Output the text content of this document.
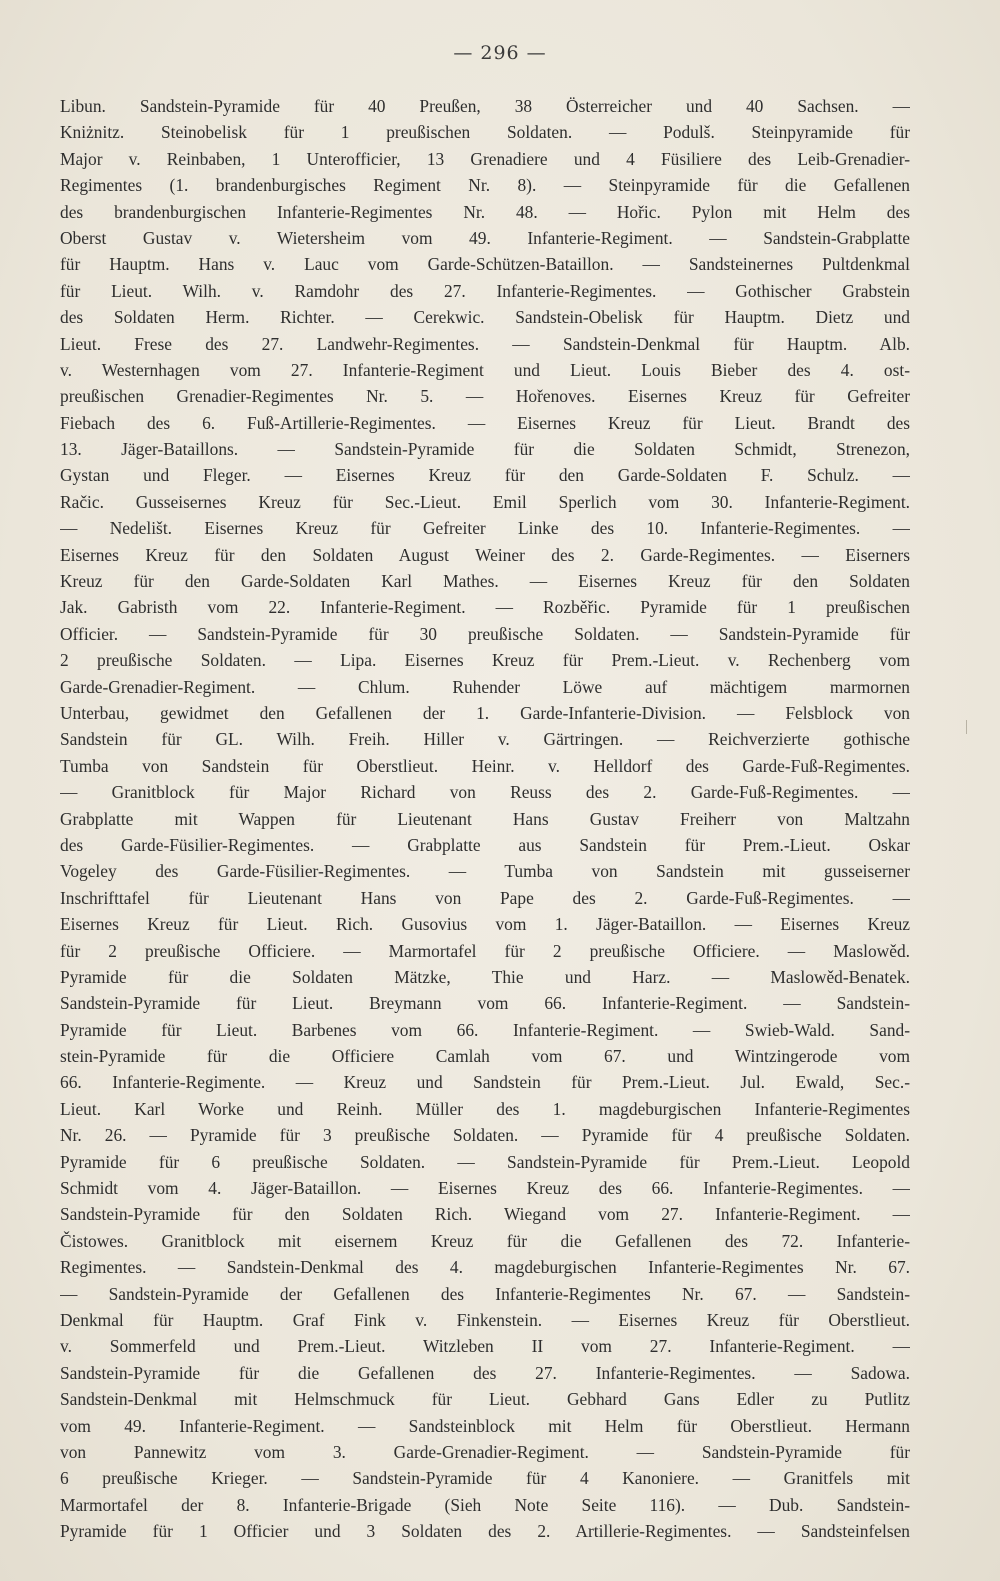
— 296 —
Libun. Sandstein-Pyramide für 40 Preußen, 38 Österreicher und 40 Sachsen. —
Kniżnitz. Steinobelisk für 1 preußischen Soldaten. — Podulš. Steinpyramide für
Major v. Reinbaben, 1 Unterofficier, 13 Grenadiere und 4 Füsiliere des Leib-Grenadier-
Regimentes (1. brandenburgisches Regiment Nr. 8). — Steinpyramide für die Gefallenen
des brandenburgischen Infanterie-Regimentes Nr. 48. — Hořic. Pylon mit Helm des
Oberst Gustav v. Wietersheim vom 49. Infanterie-Regiment. — Sandstein-Grabplatte
für Hauptm. Hans v. Lauc vom Garde-Schützen-Bataillon. — Sandsteinernes Pultdenkmal
für Lieut. Wilh. v. Ramdohr des 27. Infanterie-Regimentes. — Gothischer Grabstein
des Soldaten Herm. Richter. — Cerekwic. Sandstein-Obelisk für Hauptm. Dietz und
Lieut. Frese des 27. Landwehr-Regimentes. — Sandstein-Denkmal für Hauptm. Alb.
v. Westernhagen vom 27. Infanterie-Regiment und Lieut. Louis Bieber des 4. ost-
preußischen Grenadier-Regimentes Nr. 5. — Hořenoves. Eisernes Kreuz für Gefreiter
Fiebach des 6. Fuß-Artillerie-Regimentes. — Eisernes Kreuz für Lieut. Brandt des
13. Jäger-Bataillons. — Sandstein-Pyramide für die Soldaten Schmidt, Strenezon,
Gystan und Fleger. — Eisernes Kreuz für den Garde-Soldaten F. Schulz. —
Račic. Gusseisernes Kreuz für Sec.-Lieut. Emil Sperlich vom 30. Infanterie-Regiment.
— Nedelišt. Eisernes Kreuz für Gefreiter Linke des 10. Infanterie-Regimentes. —
Eisernes Kreuz für den Soldaten August Weiner des 2. Garde-Regimentes. — Eiserners
Kreuz für den Garde-Soldaten Karl Mathes. — Eisernes Kreuz für den Soldaten
Jak. Gabristh vom 22. Infanterie-Regiment. — Rozběřic. Pyramide für 1 preußischen
Officier. — Sandstein-Pyramide für 30 preußische Soldaten. — Sandstein-Pyramide für
2 preußische Soldaten. — Lipa. Eisernes Kreuz für Prem.-Lieut. v. Rechenberg vom
Garde-Grenadier-Regiment. — Chlum. Ruhender Löwe auf mächtigem marmornen
Unterbau, gewidmet den Gefallenen der 1. Garde-Infanterie-Division. — Felsblock von
Sandstein für GL. Wilh. Freih. Hiller v. Gärtringen. — Reichverzierte gothische
Tumba von Sandstein für Oberstlieut. Heinr. v. Helldorf des Garde-Fuß-Regimentes.
— Granitblock für Major Richard von Reuss des 2. Garde-Fuß-Regimentes. —
Grabplatte mit Wappen für Lieutenant Hans Gustav Freiherr von Maltzahn
des Garde-Füsilier-Regimentes. — Grabplatte aus Sandstein für Prem.-Lieut. Oskar
Vogeley des Garde-Füsilier-Regimentes. — Tumba von Sandstein mit gusseiserner
Inschrifttafel für Lieutenant Hans von Pape des 2. Garde-Fuß-Regimentes. —
Eisernes Kreuz für Lieut. Rich. Gusovius vom 1. Jäger-Bataillon. — Eisernes Kreuz
für 2 preußische Officiere. — Marmortafel für 2 preußische Officiere. — Maslowěd.
Pyramide für die Soldaten Mätzke, Thie und Harz. — Maslowěd-Benatek.
Sandstein-Pyramide für Lieut. Breymann vom 66. Infanterie-Regiment. — Sandstein-
Pyramide für Lieut. Barbenes vom 66. Infanterie-Regiment. — Swieb-Wald. Sand-
stein-Pyramide für die Officiere Camlah vom 67. und Wintzingerode vom
66. Infanterie-Regimente. — Kreuz und Sandstein für Prem.-Lieut. Jul. Ewald, Sec.-
Lieut. Karl Worke und Reinh. Müller des 1. magdeburgischen Infanterie-Regimentes
Nr. 26. — Pyramide für 3 preußische Soldaten. — Pyramide für 4 preußische Soldaten.
Pyramide für 6 preußische Soldaten. — Sandstein-Pyramide für Prem.-Lieut. Leopold
Schmidt vom 4. Jäger-Bataillon. — Eisernes Kreuz des 66. Infanterie-Regimentes. —
Sandstein-Pyramide für den Soldaten Rich. Wiegand vom 27. Infanterie-Regiment. —
Čistowes. Granitblock mit eisernem Kreuz für die Gefallenen des 72. Infanterie-
Regimentes. — Sandstein-Denkmal des 4. magdeburgischen Infanterie-Regimentes Nr. 67.
— Sandstein-Pyramide der Gefallenen des Infanterie-Regimentes Nr. 67. — Sandstein-
Denkmal für Hauptm. Graf Fink v. Finkenstein. — Eisernes Kreuz für Oberstlieut.
v. Sommerfeld und Prem.-Lieut. Witzleben II vom 27. Infanterie-Regiment. —
Sandstein-Pyramide für die Gefallenen des 27. Infanterie-Regimentes. — Sadowa.
Sandstein-Denkmal mit Helmschmuck für Lieut. Gebhard Gans Edler zu Putlitz
vom 49. Infanterie-Regiment. — Sandsteinblock mit Helm für Oberstlieut. Hermann
von Pannewitz vom 3. Garde-Grenadier-Regiment. — Sandstein-Pyramide für
6 preußische Krieger. — Sandstein-Pyramide für 4 Kanoniere. — Granitfels mit
Marmortafel der 8. Infanterie-Brigade (Sieh Note Seite 116). — Dub. Sandstein-
Pyramide für 1 Officier und 3 Soldaten des 2. Artillerie-Regimentes. — Sandsteinfelsen
